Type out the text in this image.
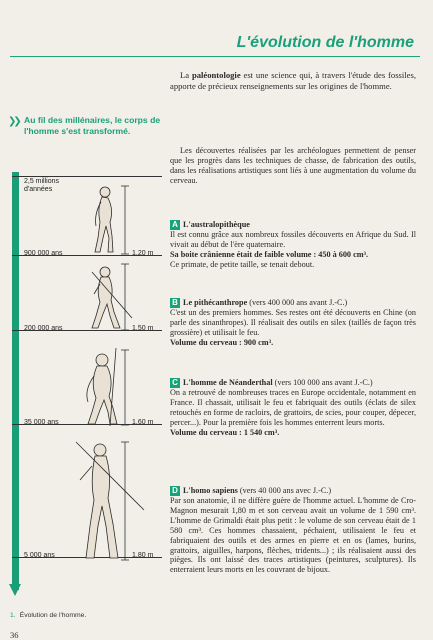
L'évolution de l'homme
La paléontologie est une science qui, à travers l'étude des fossiles, apporte de précieux renseignements sur les origines de l'homme.
❯❯ Au fil des millénaires, le corps de l'homme s'est transformé.
Les découvertes réalisées par les archéologues permettent de penser que les progrès dans les techniques de chasse, de fabrication des outils, dans les réalisations artistiques sont liés à une augmentation du volume du cerveau.
A L'australopithèque
Il est connu grâce aux nombreux fossiles découverts en Afrique du Sud. Il vivait au début de l'ère quaternaire.
Sa boite crânienne était de faible volume : 450 à 600 cm³.
Ce primate, de petite taille, se tenait debout.
B Le pithécanthrope (vers 400 000 ans avant J.-C.)
C'est un des premiers hommes. Ses restes ont été découverts en Chine (on parle des sinanthropes). Il réalisait des outils en silex (taillés de façon très grossière) et utilisait le feu.
Volume du cerveau : 900 cm³.
C L'homme de Néanderthal (vers 100 000 ans avant J.-C.)
On a retrouvé de nombreuses traces en Europe occidentale, notamment en France. Il chassait, utilisait le feu et fabriquait des outils (éclats de silex retouchés en forme de racloirs, de grattoirs, de scies, pour couper, dépecer, percer...). Pour la première fois les hommes enterrent leurs morts.
Volume du cerveau : 1 540 cm³.
D L'homo sapiens (vers 40 000 ans avec J.-C.)
Par son anatomie, il ne diffère guère de l'homme actuel. L'homme de Cro-Magnon mesurait 1,80 m et son cerveau avait un volume de 1 590 cm³. L'homme de Grimaldi était plus petit : le volume de son cerveau était de 1 580 cm³. Ces hommes chassaient, péchaient, utilisaient le feu et fabriquaient des outils et des armes en pierre et en os (lames, burins, grattoirs, aiguilles, harpons, flèches, tridents...) ; ils réalisaient aussi des pièges. Ils ont laissé des traces artistiques (peintures, sculptures). Ils enterraient leurs morts en les couvrant de bijoux.
2,5 millions
d'années
900 000 ans
200 000 ans
35 000 ans
5 000 ans
1,20 m
1,50 m
1,60 m
1,80 m
1. Évolution de l'homme.
36
